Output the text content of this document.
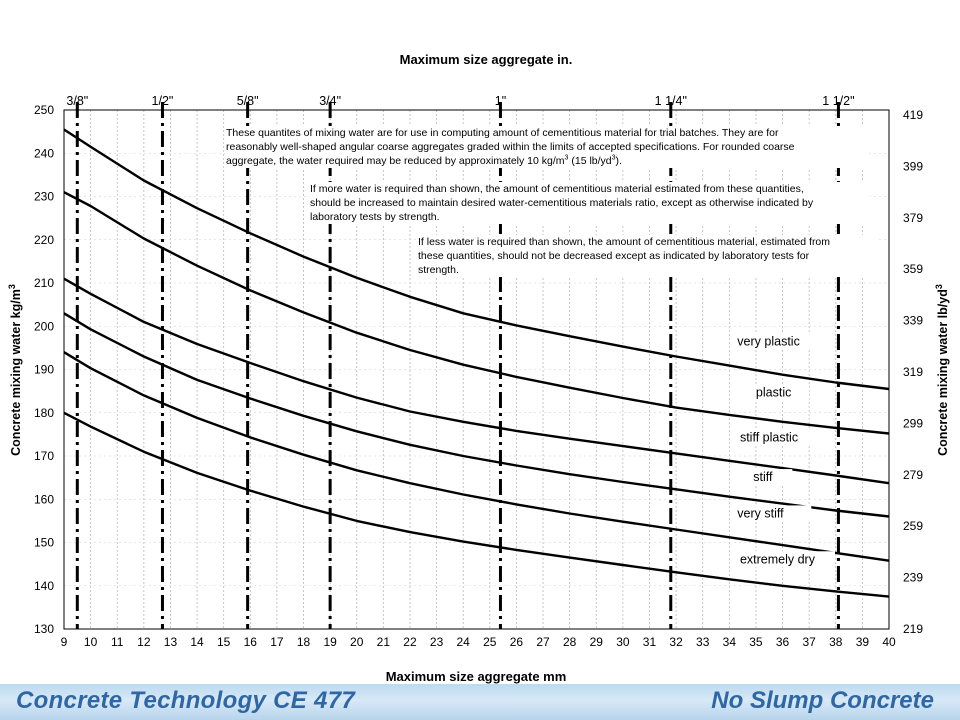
Maximum size aggregate in.
3/8"	1/2"	5/8"	3/4"	1"	1 1/4"	1 1/2"
very plastic
plastic
stiff plastic
stiff
very stiff
extremely dry
9 10 11 12 13 14 15 16 17 18 19 20 21 22 23 24 25 26 27 28 29 30 31 32 33 34 35 36 37 38 39 40
130
140
150
160
170
180
190
200
210
220
230
240
250
219
239
259
279
299
319
339
359
379
399
419
Maximum size aggregate mm
Concrete mixing water $kg/m^3$
Concrete mixing water $lb/yd^3$
These quantites of mixing water are for use in computing amount of cementitious material for trial batches. They are for
reasonably well-shaped angular coarse aggregates graded within the limits of accepted specifications. For rounded coarse
aggregate, the water required may be reduced by approximately 10 $kg/m^3$ (15 $lb/yd^3$).
If more water is required than shown, the amount of cementitious material estimated from these quantities,
should be increased to maintain desired water-cementitious materials ratio, except as otherwise indicated by
laboratory tests by strength.
If less water is required than shown, the amount of cementitious material, estimated from
these quantities, should not be decreased except as indicated by laboratory tests for
strength.
Concrete Technology CE 477	No Slump Concrete
